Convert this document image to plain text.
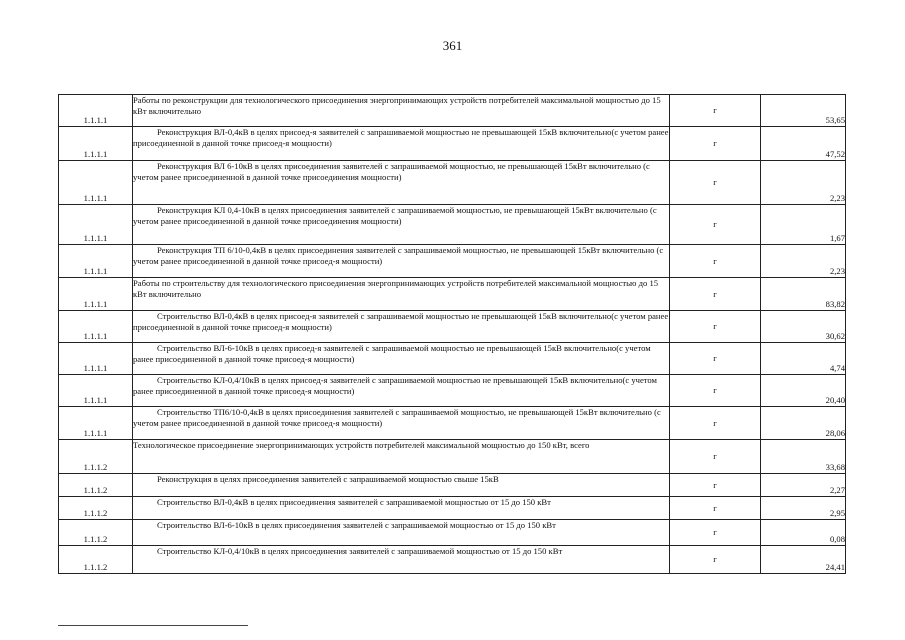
361
1.1.1.1	Работы по реконструкции для технологического присоединения энергопринимающих устройств потребителей максимальной мощностью до 15 кВт включительно	г	53,65
1.1.1.1	Реконструкция ВЛ-0,4кВ в целях присоед-я заявителей с запрашиваемой мощностью не превышающей 15кВ включительно(с учетом ранее присоединенной в данной точке присоед-я мощности)	г	47,52
1.1.1.1	Реконструкция ВЛ 6-10кВ в целях присоединения заявителей с запрашиваемой мощностью, не превышающей 15кВт включительно (с учетом ранее присоединенной в данной точке присоединения мощности)	г	2,23
1.1.1.1	Реконструкция КЛ 0,4-10кВ в целях присоединения заявителей с запрашиваемой мощностью, не превышающей 15кВт включительно (с учетом ранее присоединенной в данной точке присоединения мощности)	г	1,67
1.1.1.1	Реконструкция ТП 6/10-0,4кВ в целях присоединения заявителей с запрашиваемой мощностью, не превышающей 15кВт включительно (с учетом ранее присоединенной в данной точке присоед-я мощности)	г	2,23
1.1.1.1	Работы по строительству для технологического присоединения энергопринимающих устройств потребителей максимальной мощностью до 15 кВт включительно	г	83,82
1.1.1.1	Строительство ВЛ-0,4кВ в целях присоед-я заявителей с запрашиваемой мощностью не превышающей 15кВ включительно(с учетом ранее присоединенной в данной точке присоед-я мощности)	г	30,62
1.1.1.1	Строительство ВЛ-6-10кВ в целях присоед-я заявителей с запрашиваемой мощностью не превышающей 15кВ включительно(с учетом ранее присоединенной в данной точке присоед-я мощности)	г	4,74
1.1.1.1	Строительство КЛ-0,4/10кВ в целях присоед-я заявителей с запрашиваемой мощностью не превышающей 15кВ включительно(с учетом ранее присоединенной в данной точке присоед-я мощности)	г	20,40
1.1.1.1	Строительство ТП6/10-0,4кВ в целях присоединения заявителей с запрашиваемой мощностью, не превышающей 15кВт включительно (с учетом ранее присоединенной в данной точке присоед-я мощности)	г	28,06
1.1.1.2	Технологическое присоединение энергопринимающих устройств потребителей максимальной мощностью до 150 кВт, всего	г	33,68
1.1.1.2	Реконструкция в целях присоединения заявителей с запрашиваемой мощностью свыше 15кВ	г	2,27
1.1.1.2	Строительство ВЛ-0,4кВ в целях присоединения заявителей с запрашиваемой мощностью от 15 до 150 кВт	г	2,95
1.1.1.2	Строительство ВЛ-6-10кВ в целях присоединения заявителей с запрашиваемой мощностью от 15 до 150 кВт	г	0,08
1.1.1.2	Строительство КЛ-0,4/10кВ в целях присоединения заявителей с запрашиваемой мощностью от 15 до 150 кВт	г	24,41
